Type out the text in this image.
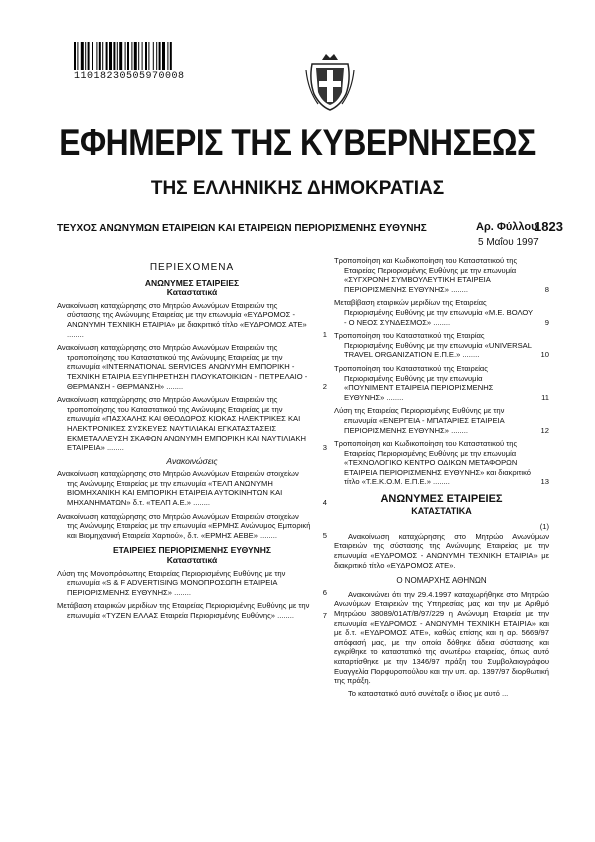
11018230505970008
ΕΦΗΜΕΡΙΣ ΤΗΣ ΚΥΒΕΡΝΗΣΕΩΣ
ΤΗΣ ΕΛΛΗΝΙΚΗΣ ΔΗΜΟΚΡΑΤΙΑΣ
ΤΕΥΧΟΣ ΑΝΩΝΥΜΩΝ ΕΤΑΙΡΕΙΩΝ ΚΑΙ ΕΤΑΙΡΕΙΩΝ ΠΕΡΙΟΡΙΣΜΕΝΗΣ ΕΥΘΥΝΗΣ	Αρ. Φύλλου
1823
5 Μαΐου 1997
ΠΕΡΙΕΧΟΜΕΝΑ
ΑΝΩΝΥΜΕΣ ΕΤΑΙΡΕΙΕΣ
Καταστατικά
Ανακοίνωση καταχώρησης στο Μητρώο Ανωνύμων Εταιρειών της σύστασης της Ανώνυμης Εταιρείας με την επωνυμία «ΕΥΔΡΟΜΟΣ - ΑΝΩΝΥΜΗ ΤΕΧΝΙΚΗ ΕΤΑΙΡΙΑ» με διακριτικό τίτλο «ΕΥΔΡΟΜΟΣ ΑΤΕ» ........	1
Ανακοίνωση καταχώρησης στο Μητρώο Ανωνύμων Εταιρειών της τροποποίησης του Καταστατικού της Ανώνυμης Εταιρείας με την επωνυμία «INTERNATIONAL SERVICES ΑΝΩΝΥΜΗ ΕΜΠΟΡΙΚΗ - ΤΕΧΝΙΚΗ ΕΤΑΙΡΙΑ ΕΞΥΠΗΡΕΤΗΣΗ ΠΛΟΥΚΑΤΟΙΚΙΩΝ - ΠΕΤΡΕΛΑΙΟ - ΘΕΡΜΑΝΣΗ - ΘΕΡΜΑΝΣΗ» ........	2
Ανακοίνωση καταχώρησης στο Μητρώο Ανωνύμων Εταιρειών της τροποποίησης του Καταστατικού της Ανώνυμης Εταιρείας με την επωνυμία «ΠΑΣΧΑΛΗΣ ΚΑΙ ΘΕΟΔΩΡΟΣ ΚΙΟΚΑΣ ΗΛΕΚΤΡΙΚΕΣ ΚΑΙ ΗΛΕΚΤΡΟΝΙΚΕΣ ΣΥΣΚΕΥΕΣ ΝΑΥΤΙΛΙΑΚΑΙ ΕΓΚΑΤΑΣΤΑΣΕΙΣ ΕΚΜΕΤΑΛΛΕΥΣΗ ΣΚΑΦΩΝ ΑΝΩΝΥΜΗ ΕΜΠΟΡΙΚΗ ΚΑΙ ΝΑΥΤΙΛΙΑΚΗ ΕΤΑΙΡΕΙΑ» ........	3
Ανακοινώσεις
Ανακοίνωση καταχώρησης στο Μητρώο Ανωνύμων Εταιρειών στοιχείων της Ανώνυμης Εταιρείας με την επωνυμία «ΤΕΛΠ ΑΝΩΝΥΜΗ ΒΙΟΜΗΧΑΝΙΚΗ ΚΑΙ ΕΜΠΟΡΙΚΗ ΕΤΑΙΡΕΙΑ ΑΥΤΟΚΙΝΗΤΩΝ ΚΑΙ ΜΗΧΑΝΗΜΑΤΩΝ» δ.τ. «ΤΕΛΠ Α.Ε.» ........	4
Ανακοίνωση καταχώρησης στο Μητρώο Ανωνύμων Εταιρειών στοιχείων της Ανώνυμης Εταιρείας με την επωνυμία «ΕΡΜΗΣ Ανώνυμος Εμπορική και Βιομηχανική Εταιρεία Χαρτιού», δ.τ. «ΕΡΜΗΣ ΑΕΒΕ» ........	5
ΕΤΑΙΡΕΙΕΣ ΠΕΡΙΟΡΙΣΜΕΝΗΣ ΕΥΘΥΝΗΣ
Καταστατικά
Λύση της Μονοπρόσωπης Εταιρείας Περιορισμένης Ευθύνης με την επωνυμία «S & F ADVERTISING ΜΟΝΟΠΡΟΣΩΠΗ ΕΤΑΙΡΕΙΑ ΠΕΡΙΟΡΙΣΜΕΝΗΣ ΕΥΘΥΝΗΣ» ........	6
Μετάβαση εταιρικών μεριδίων της Εταιρείας Περιορισμένης Ευθύνης με την επωνυμία «ΤΥΖΕΝ ΕΛΛΑΣ Εταιρεία Περιορισμένης Ευθύνης» ........	7
Τροποποίηση και Κωδικοποίηση του Καταστατικού της Εταιρείας Περιορισμένης Ευθύνης με την επωνυμία «ΣΥΓΧΡΟΝΗ ΣΥΜΒΟΥΛΕΥΤΙΚΗ ΕΤΑΙΡΕΙΑ ΠΕΡΙΟΡΙΣΜΕΝΗΣ ΕΥΘΥΝΗΣ» ........	8
Μεταβίβαση εταιρικών μεριδίων της Εταιρείας Περιορισμένης Ευθύνης με την επωνυμία «Μ.Ε. ΒΟΛΟΥ - Ο ΝΕΟΣ ΣΥΝΔΕΣΜΟΣ» ........	9
Τροποποίηση του Καταστατικού της Εταιρίας Περιορισμένης Ευθύνης με την επωνυμία «UNIVERSAL TRAVEL ORGANIZATION Ε.Π.Ε.» ........	10
Τροποποίηση του Καταστατικού της Εταιρείας Περιορισμένης Ευθύνης με την επωνυμία «ΠΟΥΝΙΜΕΝΤ ΕΤΑΙΡΕΙΑ ΠΕΡΙΟΡΙΣΜΕΝΗΣ ΕΥΘΥΝΗΣ» ........	11
Λύση της Εταιρείας Περιορισμένης Ευθύνης με την επωνυμία «ΕΝΕΡΓΕΙΑ - ΜΠΑΤΑΡΙΕΣ ΕΤΑΙΡΕΙΑ ΠΕΡΙΟΡΙΣΜΕΝΗΣ ΕΥΘΥΝΗΣ» ........	12
Τροποποίηση και Κωδικοποίηση του Καταστατικού της Εταιρείας Περιορισμένης Ευθύνης με την επωνυμία «ΤΕΧΝΟΛΟΓΙΚΟ ΚΕΝΤΡΟ ΟΔΙΚΩΝ ΜΕΤΑΦΟΡΩΝ ΕΤΑΙΡΕΙΑ ΠΕΡΙΟΡΙΣΜΕΝΗΣ ΕΥΘΥΝΗΣ» και διακριτικό τίτλο «Τ.Ε.Κ.Ο.Μ. Ε.Π.Ε.» ........	13
ΑΝΩΝΥΜΕΣ ΕΤΑΙΡΕΙΕΣ
ΚΑΤΑΣΤΑΤΙΚΑ

(1)

Ανακοίνωση καταχώρησης στο Μητρώο Ανωνύμων Εταιρειών της σύστασης της Ανώνυμης Εταιρείας με την επωνυμία «ΕΥΔΡΟΜΟΣ - ΑΝΩΝΥΜΗ ΤΕΧΝΙΚΗ ΕΤΑΙΡΙΑ» με διακριτικό τίτλο «ΕΥΔΡΟΜΟΣ ΑΤΕ».

Ο ΝΟΜΑΡΧΗΣ ΑΘΗΝΩΝ

Ανακοινώνει ότι την 29.4.1997 καταχωρήθηκε στο Μητρώο Ανωνύμων Εταιρειών της Υπηρεσίας μας και την με Αριθμό Μητρώου 38089/01ΑΤ/Β/97/229 η Ανώνυμη Εταιρεία με την επωνυμία «ΕΥΔΡΟΜΟΣ - ΑΝΩΝΥΜΗ ΤΕΧΝΙΚΗ ΕΤΑΙΡΙΑ» και με δ.τ. «ΕΥΔΡΟΜΟΣ ΑΤΕ», καθώς επίσης και η αρ. 5669/97 απόφασή μας, με την οποία δόθηκε άδεια σύστασης και εγκρίθηκε το καταστατικό της ανωτέρω εταιρείας, όπως αυτό καταρτίσθηκε με την 1346/97 πράξη του Συμβολαιογράφου Ευαγγελία Πορφυροπούλου και την υπ. αρ. 1397/97 διορθωτική της πράξη.

Το καταστατικό αυτό συνέταξε ο ίδιος με αυτό ...
